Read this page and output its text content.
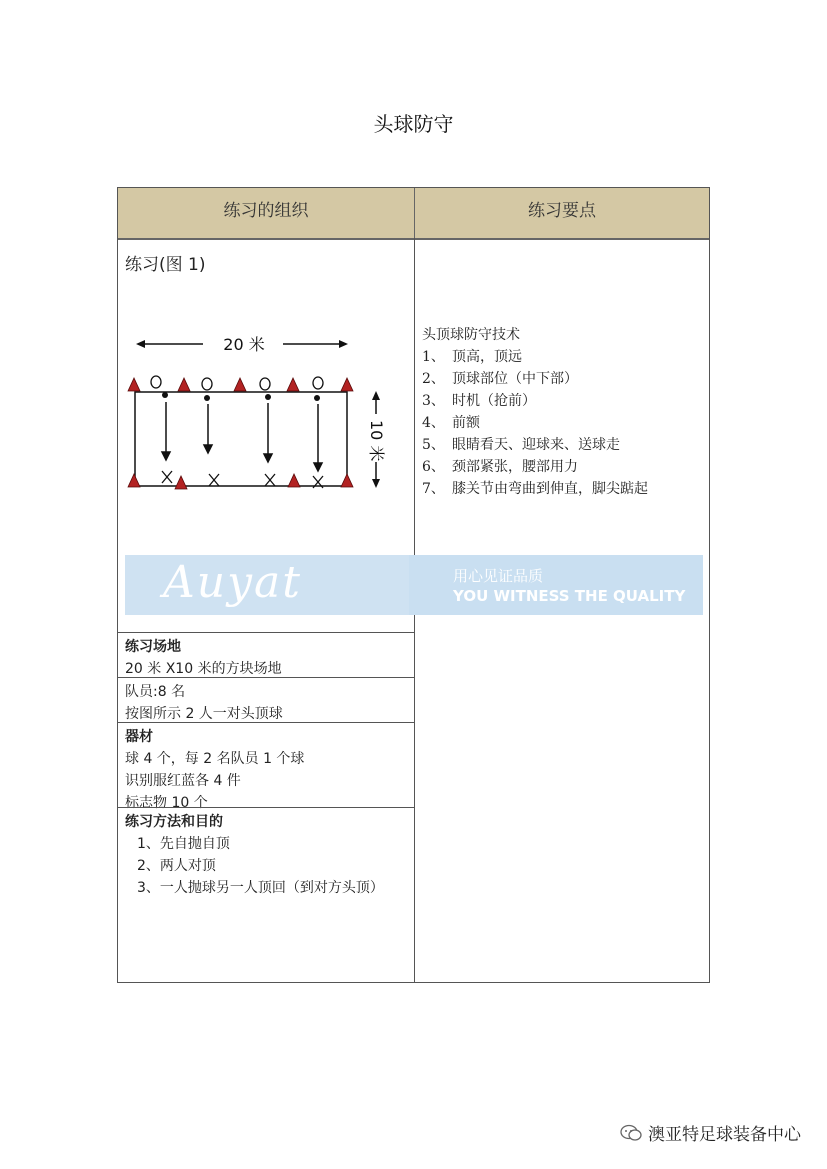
头球防守
练习的组织	练习要点
练习(图 1)
20 米
10 米
Auyat	用心见证品质
YOU WITNESS THE QUALITY
练习场地
20 米 X10 米的方块场地
队员:8 名
按图所示 2 人一对头顶球
器材
球 4 个，每 2 名队员 1 个球
识别服红蓝各 4 件
标志物 10 个
练习方法和目的
1、先自抛自顶
2、两人对顶
3、一人抛球另一人顶回（到对方头顶）
头顶球防守技术
1、 顶高，顶远
2、 顶球部位（中下部）
3、 时机（抢前）
4、 前额
5、 眼睛看天、迎球来、送球走
6、 颈部紧张，腰部用力
7、 膝关节由弯曲到伸直，脚尖踮起
澳亚特足球装备中心
